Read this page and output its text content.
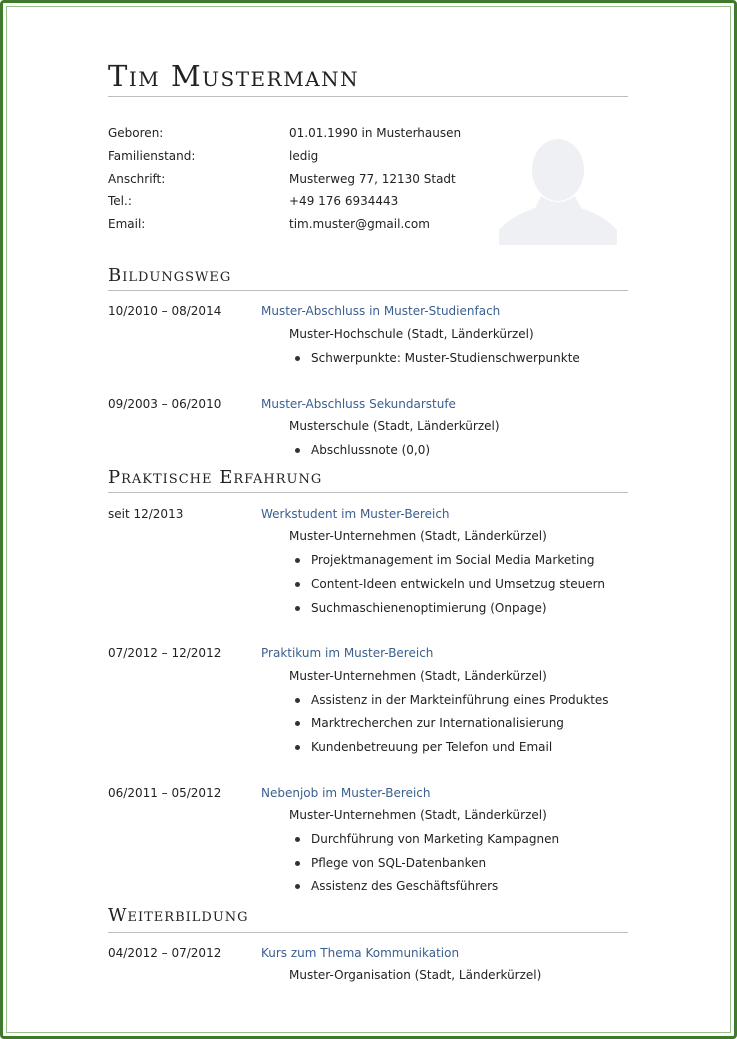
Tim Mustermann
Geboren:	01.01.1990 in Musterhausen
Familienstand:	ledig
Anschrift:	Musterweg 77, 12130 Stadt
Tel.:	+49 176 6934443
Email:	tim.muster@gmail.com
Bildungsweg
10/2010 – 08/2014	Muster-Abschluss in Muster-Studienfach
Muster-Hochschule (Stadt, Länderkürzel)
Schwerpunkte: Muster-Studienschwerpunkte
09/2003 – 06/2010	Muster-Abschluss Sekundarstufe
Musterschule (Stadt, Länderkürzel)
Abschlussnote (0,0)
Praktische Erfahrung
seit 12/2013	Werkstudent im Muster-Bereich
Muster-Unternehmen (Stadt, Länderkürzel)
Projektmanagement im Social Media Marketing
Content-Ideen entwickeln und Umsetzug steuern
Suchmaschienenoptimierung (Onpage)
07/2012 – 12/2012	Praktikum im Muster-Bereich
Muster-Unternehmen (Stadt, Länderkürzel)
Assistenz in der Markteinführung eines Produktes
Marktrecherchen zur Internationalisierung
Kundenbetreuung per Telefon und Email
06/2011 – 05/2012	Nebenjob im Muster-Bereich
Muster-Unternehmen (Stadt, Länderkürzel)
Durchführung von Marketing Kampagnen
Pflege von SQL-Datenbanken
Assistenz des Geschäftsführers
Weiterbildung
04/2012 – 07/2012	Kurs zum Thema Kommunikation
Muster-Organisation (Stadt, Länderkürzel)
